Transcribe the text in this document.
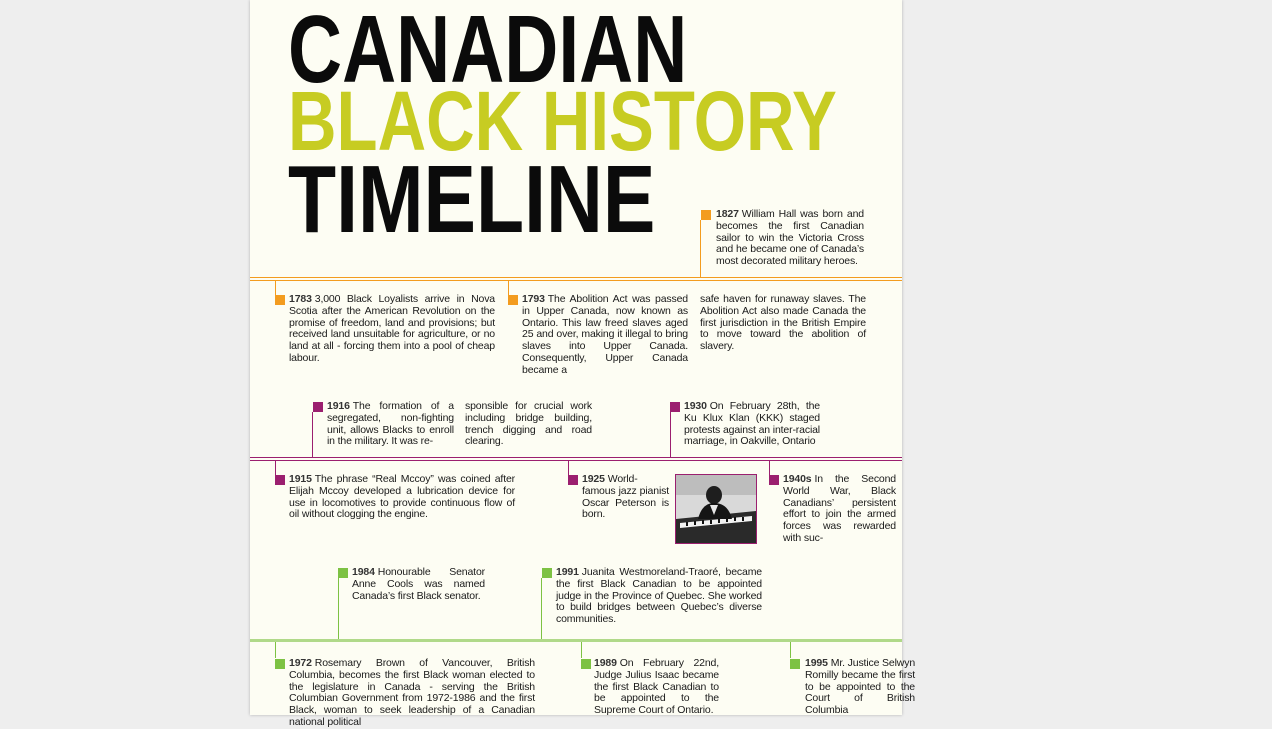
CANADIAN
BLACK HISTORY
TIMELINE	1827 William Hall was born and becomes the first Canadian sailor to win the Victoria Cross and he became one of Canada’s most decorated military heroes.
1783 3,000 Black Loyalists arrive in Nova Scotia after the American Revolution on the promise of freedom, land and provisions; but received land unsuitable for agriculture, or no land at all - forcing them into a pool of cheap labour.
1793 The Abolition Act was passed in Upper Canada, now known as Ontario. This law freed slaves aged 25 and over, making it illegal to bring slaves into Upper Canada. Consequently, Upper Canada became a
safe haven for runaway slaves. The Abolition Act also made Canada the first jurisdiction in the British Empire to move toward the abolition of slavery.
1916 The formation of a segregated, non-fighting unit, allows Blacks to enroll in the military. It was re-
sponsible for crucial work including bridge building, trench digging and road clearing.
1930 On February 28th, the Ku Klux Klan (KKK) staged protests against an inter-racial marriage, in Oakville, Ontario
1915 The phrase “Real Mccoy” was coined after Elijah Mccoy developed a lubrication device for use in locomotives to provide continuous flow of oil without clogging the engine.
1925 World-famous jazz pianist Oscar Peterson is born.
1940s In the Second World War, Black Canadians’ persistent effort to join the armed forces was rewarded with suc-
1984 Honourable Senator Anne Cools was named Canada’s first Black senator.
1991 Juanita Westmoreland-Traoré, became the first Black Canadian to be appointed judge in the Province of Quebec. She worked to build bridges between Quebec’s diverse communities.
1972 Rosemary Brown of Vancouver, British Columbia, becomes the first Black woman elected to the legislature in Canada - serving the British Columbian Government from 1972-1986 and the first Black, woman to seek leadership of a Canadian national political
1989 On February 22nd, Judge Julius Isaac became the first Black Canadian to be appointed to the Supreme Court of Ontario.
1995 Mr. Justice Selwyn Romilly became the first to be appointed to the Court of British Columbia
